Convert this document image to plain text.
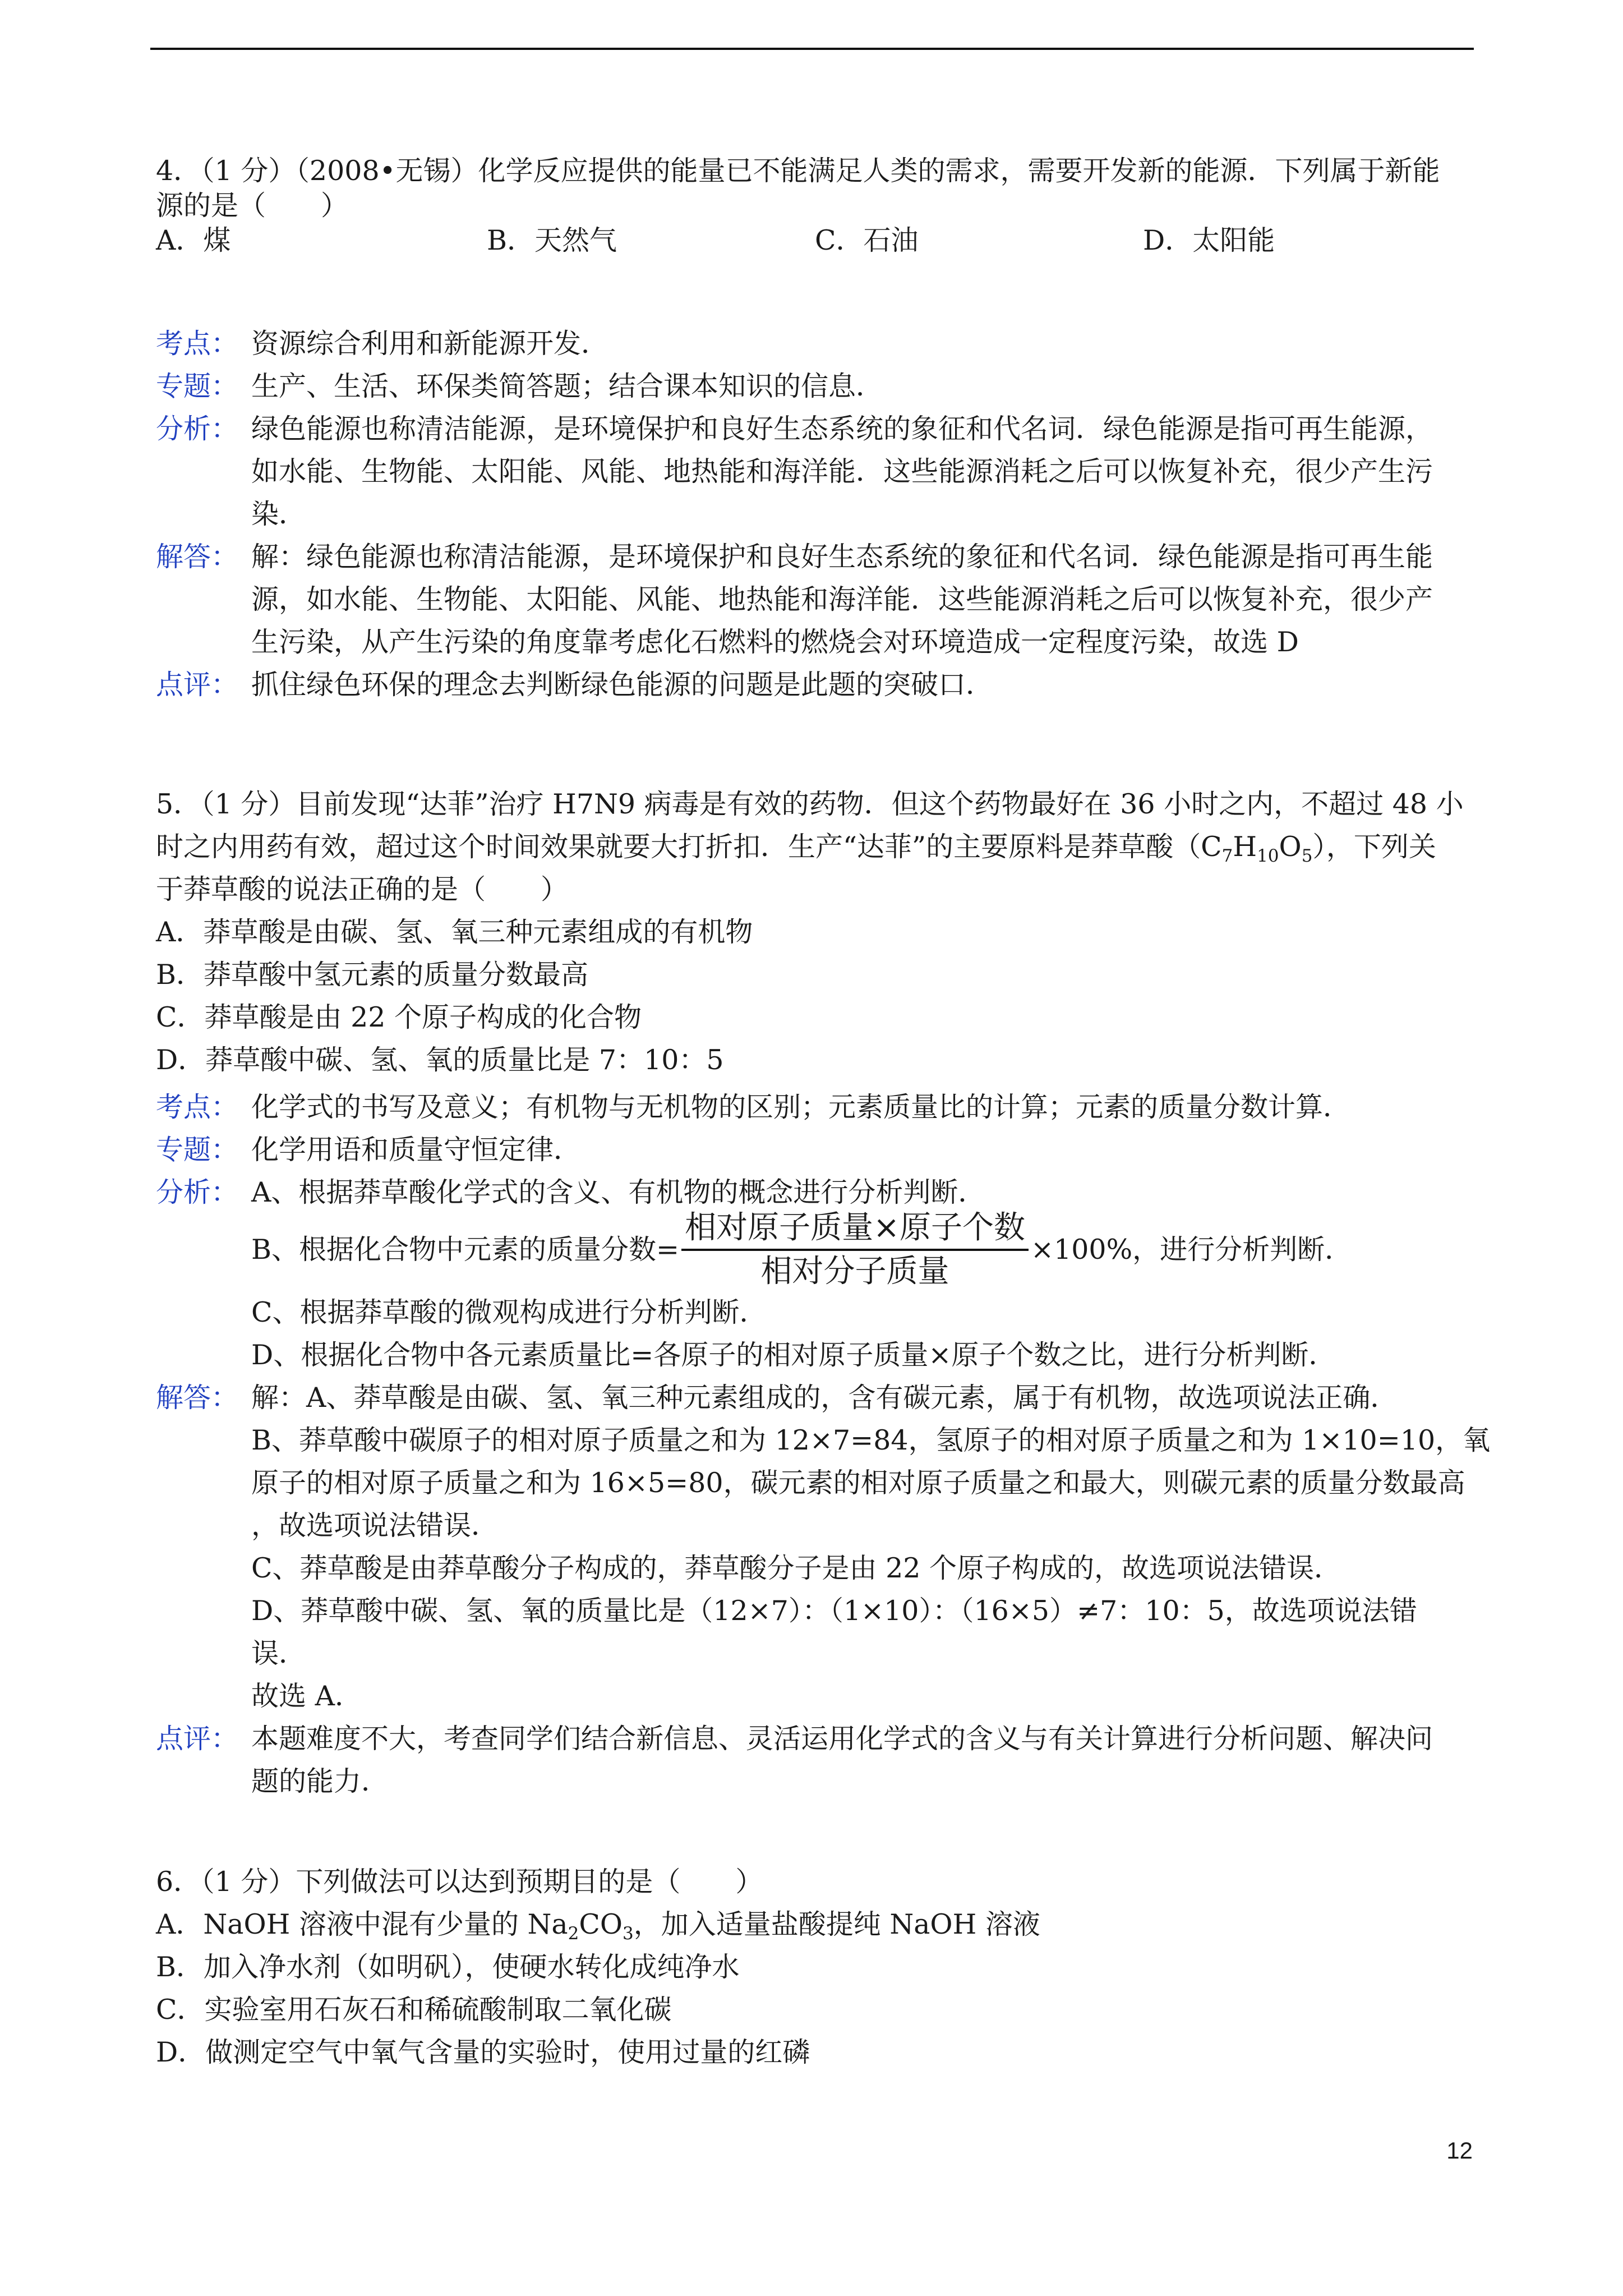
4．（1 分）（2008•无锡）化学反应提供的能量已不能满足人类的需求，需要开发新的能源．下列属于新能
源的是（　　）
A．煤	B．天然气	C．石油	D．太阳能
考点： 资源综合利用和新能源开发．
专题： 生产、生活、环保类简答题；结合课本知识的信息．
分析： 绿色能源也称清洁能源，是环境保护和良好生态系统的象征和代名词．绿色能源是指可再生能源，
如水能、生物能、太阳能、风能、地热能和海洋能．这些能源消耗之后可以恢复补充，很少产生污
染．
解答： 解：绿色能源也称清洁能源，是环境保护和良好生态系统的象征和代名词．绿色能源是指可再生能
源，如水能、生物能、太阳能、风能、地热能和海洋能．这些能源消耗之后可以恢复补充，很少产
生污染，从产生污染的角度靠考虑化石燃料的燃烧会对环境造成一定程度污染，故选 D
点评： 抓住绿色环保的理念去判断绿色能源的问题是此题的突破口．
5．（1 分）目前发现“达菲”治疗 H7N9 病毒是有效的药物．但这个药物最好在 36 小时之内，不超过 48 小
时之内用药有效，超过这个时间效果就要大打折扣．生产“达菲”的主要原料是莽草酸$(C_7H_{10}O_5)$，下列关
于莽草酸的说法正确的是（　　）
A．莽草酸是由碳、氢、氧三种元素组成的有机物
B．莽草酸中氢元素的质量分数最高
C．莽草酸是由 22 个原子构成的化合物
D．莽草酸中碳、氢、氧的质量比是 7：10：5
考点： 化学式的书写及意义；有机物与无机物的区别；元素质量比的计算；元素的质量分数计算．
专题： 化学用语和质量守恒定律．
分析： A、根据莽草酸化学式的含义、有机物的概念进行分析判断．
B、根据化合物中元素的质量分数= $\frac{\text{相对原子质量×原子个数}}{\text{相对分子质量}} \times 100\%$，进行分析判断．
C、根据莽草酸的微观构成进行分析判断．
D、根据化合物中各元素质量比=各原子的相对原子质量×原子个数之比，进行分析判断．
解答： 解：A、莽草酸是由碳、氢、氧三种元素组成的，含有碳元素，属于有机物，故选项说法正确．
B、莽草酸中碳原子的相对原子质量之和为 12×7=84，氢原子的相对原子质量之和为 1×10=10，氧
原子的相对原子质量之和为 16×5=80，碳元素的相对原子质量之和最大，则碳元素的质量分数最高
，故选项说法错误．
C、莽草酸是由莽草酸分子构成的，莽草酸分子是由 22 个原子构成的，故选项说法错误．
D、莽草酸中碳、氢、氧的质量比是（12×7）：（1×10）：（16×5）≠7：10：5，故选项说法错
误．
故选 A．
点评： 本题难度不大，考查同学们结合新信息、灵活运用化学式的含义与有关计算进行分析问题、解决问
题的能力．
6．（1 分）下列做法可以达到预期目的是（　　）
A．NaOH 溶液中混有少量的 $Na_2CO_3$，加入适量盐酸提纯 NaOH 溶液
B．加入净水剂（如明矾），使硬水转化成纯净水
C．实验室用石灰石和稀硫酸制取二氧化碳
D．做测定空气中氧气含量的实验时，使用过量的红磷
12
